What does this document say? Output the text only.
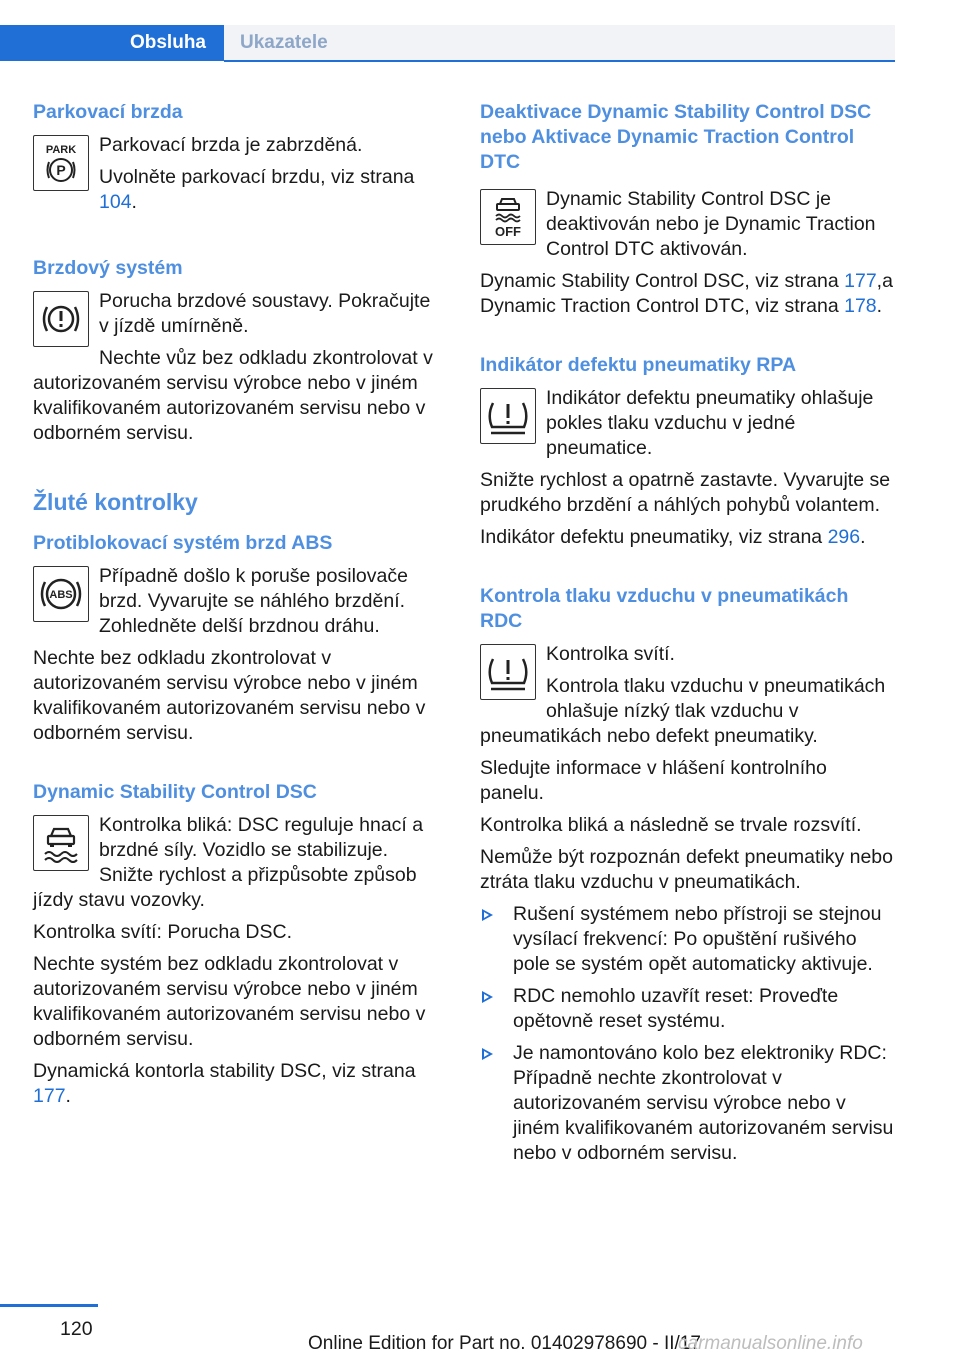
Obsluha Ukazatele
Parkovací brzda
PARK
P

Parkovací brzda je zabrzděná.

Uvolněte parkovací brzdu, viz strana 104.

Brzdový systém

Porucha brzdové soustavy. Pokračujte v jízdě umírněně.

Nechte vůz bez odkladu zkontrolovat v autorizovaném servisu výrobce nebo v jiném kvalifikovaném autorizovaném servisu nebo v odborném servisu.

Žluté kontrolky
Protiblokovací systém brzd ABS
ABS

Případně došlo k poruše posilovače brzd. Vyvarujte se náhlého brzdění. Zohledněte delší brzdnou dráhu.

Nechte bez odkladu zkontrolovat v autorizovaném servisu výrobce nebo v jiném kvalifikovaném autorizovaném servisu nebo v odborném servisu.

Dynamic Stability Control DSC

Kontrolka bliká: DSC reguluje hnací a brzdné síly. Vozidlo se stabilizuje. Snižte rychlost a přizpůsobte způsob jízdy stavu vozovky.

Kontrolka svítí: Porucha DSC.

Nechte systém bez odkladu zkontrolovat v autorizovaném servisu výrobce nebo v jiném kvalifikovaném autorizovaném servisu nebo v odborném servisu.

Dynamická kontorla stability DSC, viz strana 177.

Deaktivace Dynamic Stability Control DSC nebo Aktivace Dynamic Traction Control DTC
OFF

Dynamic Stability Control DSC je deaktivován nebo je Dynamic Traction Control DTC aktivován.

Dynamic Stability Control DSC, viz strana 177,a Dynamic Traction Control DTC, viz strana 178.

Indikátor defektu pneumatiky RPA

Indikátor defektu pneumatiky ohlašuje pokles tlaku vzduchu v jedné pneumatice.

Snižte rychlost a opatrně zastavte. Vyvarujte se prudkého brzdění a náhlých pohybů volantem.

Indikátor defektu pneumatiky, viz strana 296.

Kontrola tlaku vzduchu v pneumatikách RDC

Kontrolka svítí.

Kontrola tlaku vzduchu v pneumatikách ohlašuje nízký tlak vzduchu v pneumatikách nebo defekt pneumatiky.

Sledujte informace v hlášení kontrolního panelu.

Kontrolka bliká a následně se trvale rozsvítí.

Nemůže být rozpoznán defekt pneumatiky nebo ztráta tlaku vzduchu v pneumatikách.

Rušení systémem nebo přístroji se stejnou vysílací frekvencí: Po opuštění rušivého pole se systém opět automaticky aktivuje.
RDC nemohlo uzavřít reset: Proveďte opětovně reset systému.
Je namontováno kolo bez elektroniky RDC: Případně nechte zkontrolovat v autorizovaném servisu výrobce nebo v jiném kvalifikovaném autorizovaném servisu nebo v odborném servisu.
120
Online Edition for Part no. 01402978690 - II/17
carmanualsonline.info
